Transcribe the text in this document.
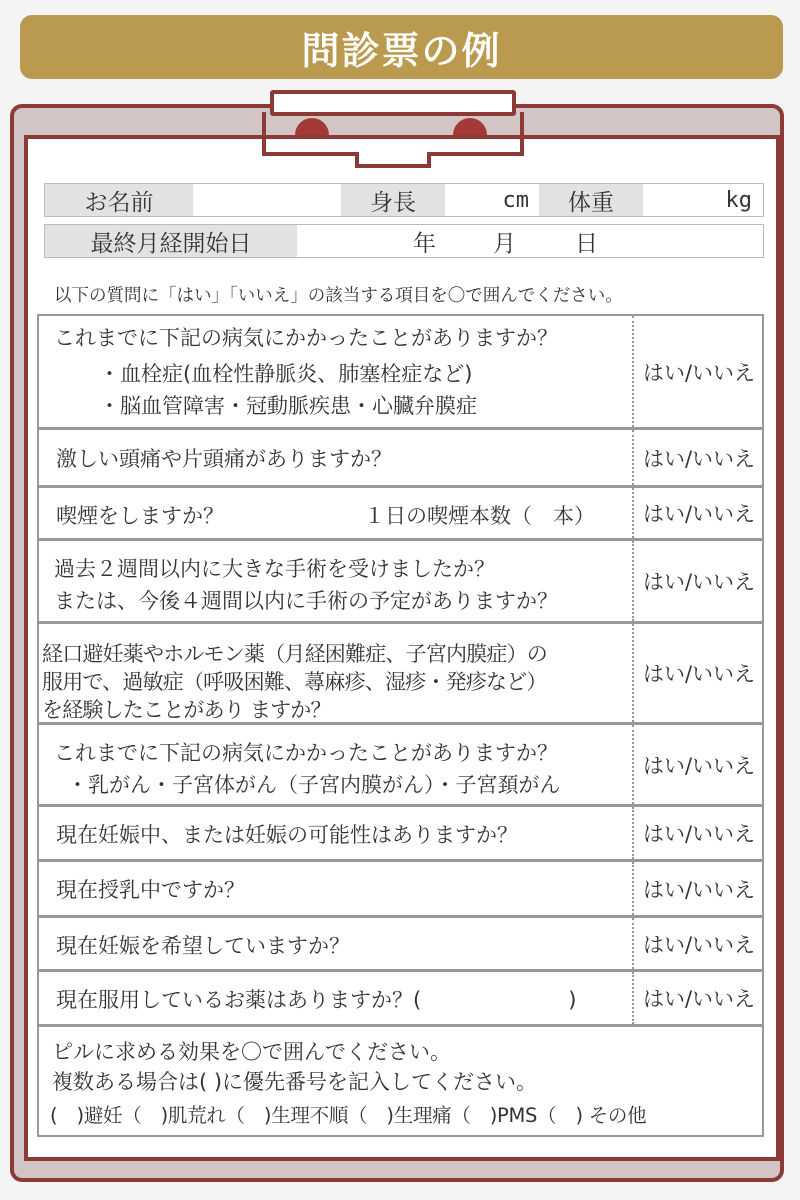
問診票の例
お名前	身長	cm	体重	kg
最終月経開始日	年 月	日
以下の質問に「はい」「いいえ」の該当する項目を〇で囲んでください。
これまでに下記の病気にかかったことがありますか？
・血栓症(血栓性静脈炎、肺塞栓症など)
・脳血管障害・冠動脈疾患・心臓弁膜症
はい/いいえ
激しい頭痛や片頭痛がありますか？	はい/いいえ
喫煙をしますか？	１日の喫煙本数（　本）	はい/いいえ
過去２週間以内に大きな手術を受けましたか？
または、今後４週間以内に手術の予定がありますか？
はい/いいえ
経口避妊薬やホルモン薬（月経困難症、子宮内膜症）の
服用で、過敏症（呼吸困難、蕁麻疹、湿疹・発疹など）
を経験したことがあり ますか？
はい/いいえ
これまでに下記の病気にかかったことがありますか？
・乳がん・子宮体がん（子宮内膜がん）・子宮頚がん
はい/いいえ
現在妊娠中、または妊娠の可能性はありますか？	はい/いいえ
現在授乳中ですか？	はい/いいえ
現在妊娠を希望していますか？	はい/いいえ
現在服用しているお薬はありますか？(　　　　　　　)	はい/いいえ
ピルに求める効果を〇で囲んでください。
複数ある場合は( )に優先番号を記入してください。
(　)避妊（　)肌荒れ（　)生理不順（　)生理痛（　)PMS（　) その他
